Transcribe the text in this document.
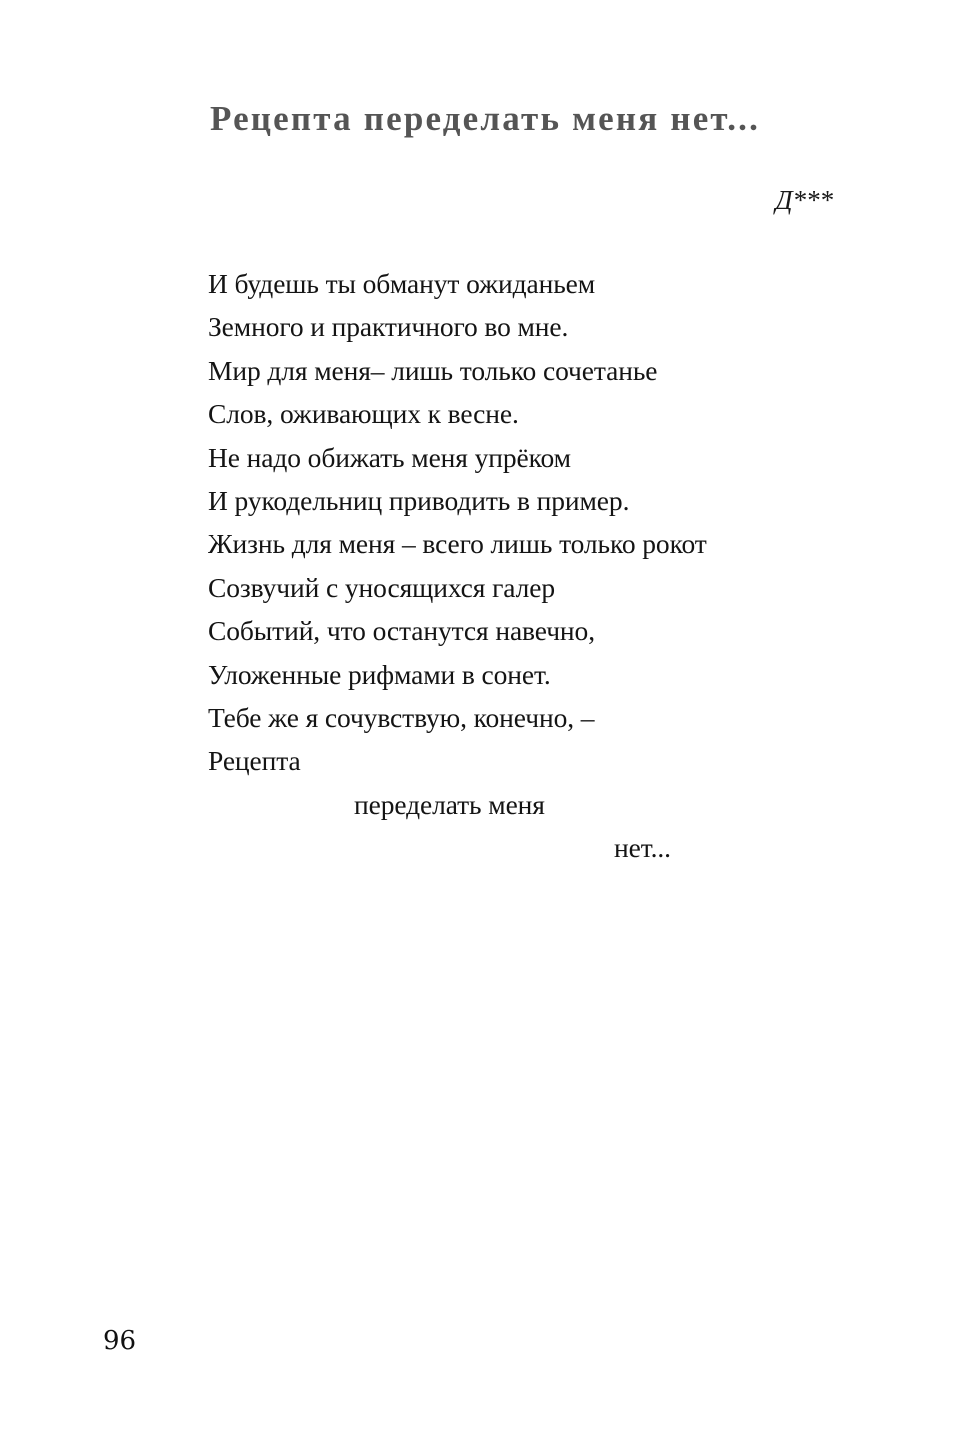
Рецепта переделать меня нет...
Д***
И будешь ты обманут ожиданьем
Земного и практичного во мне.
Мир для меня– лишь только сочетанье
Слов, оживающих к весне.
Не надо обижать меня упрёком
И рукодельниц приводить в пример.
Жизнь для меня – всего лишь только рокот
Созвучий с уносящихся галер
Событий, что останутся навечно,
Уложенные рифмами в сонет.
Тебе же я сочувствую, конечно, –
Рецепта
переделать меня
нет...
96
